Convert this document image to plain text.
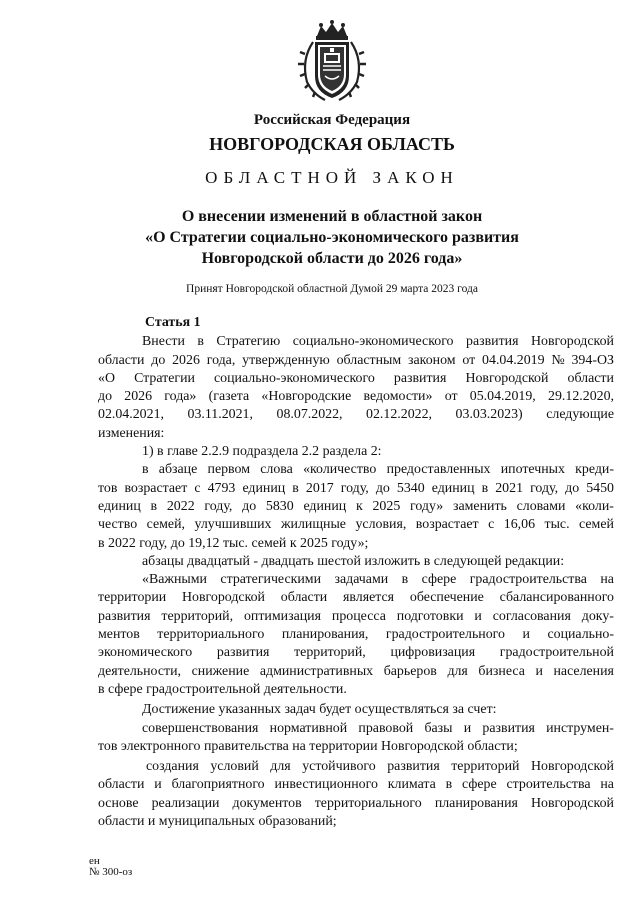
Российская Федерация
НОВГОРОДСКАЯ ОБЛАСТЬ
ОБЛАСТНОЙ ЗАКОН
О внесении изменений в областной закон
«О Стратегии социально-экономического развития
Новгородской области до 2026 года»
Принят Новгородской областной Думой 29 марта 2023 года
Статья 1
Внести в Стратегию социально-экономического развития Новгородской
области до 2026 года, утвержденную областным законом от 04.04.2019 № 394-ОЗ
«О Стратегии социально-экономического развития Новгородской области
до 2026 года» (газета «Новгородские ведомости» от 05.04.2019, 29.12.2020,
02.04.2021, 03.11.2021, 08.07.2022, 02.12.2022, 03.03.2023) следующие
изменения:
1) в главе 2.2.9 подраздела 2.2 раздела 2:
в абзаце первом слова «количество предоставленных ипотечных креди-
тов возрастает с 4793 единиц в 2017 году, до 5340 единиц в 2021 году, до 5450
единиц в 2022 году, до 5830 единиц к 2025 году» заменить словами «коли-
чество семей, улучшивших жилищные условия, возрастает с 16,06 тыс. семей
в 2022 году, до 19,12 тыс. семей к 2025 году»;
абзацы двадцатый - двадцать шестой изложить в следующей редакции:
«Важными стратегическими задачами в сфере градостроительства на
территории Новгородской области является обеспечение сбалансированного
развития территорий, оптимизация процесса подготовки и согласования доку-
ментов территориального планирования, градостроительного и социально-
экономического развития территорий, цифровизация градостроительной
деятельности, снижение административных барьеров для бизнеса и населения
в сфере градостроительной деятельности.
Достижение указанных задач будет осуществляться за счет:
совершенствования нормативной правовой базы и развития инструмен-
тов электронного правительства на территории Новгородской области;
создания условий для устойчивого развития территорий Новгородской
области и благоприятного инвестиционного климата в сфере строительства на
основе реализации документов территориального планирования Новгородской
области и муниципальных образований;
ен
№ 300-оз
